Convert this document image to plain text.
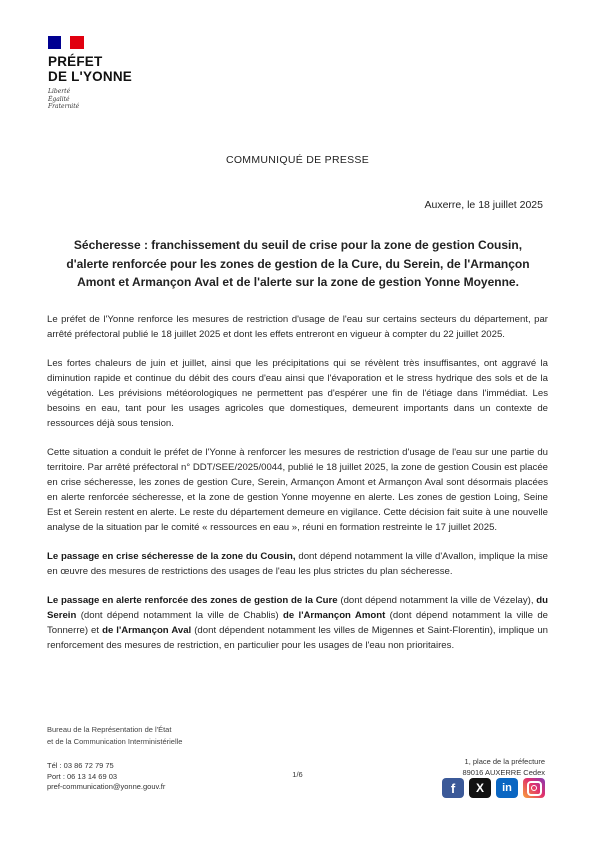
PRÉFET
DE L'YONNE
Liberté
Égalité
Fraternité
COMMUNIQUÉ DE PRESSE
Auxerre, le 18 juillet 2025
Sécheresse : franchissement du seuil de crise pour la zone de gestion Cousin, d'alerte renforcée pour les zones de gestion de la Cure, du Serein, de l'Armançon Amont et Armançon Aval et de l'alerte sur la zone de gestion Yonne Moyenne.

Le préfet de l'Yonne renforce les mesures de restriction d'usage de l'eau sur certains secteurs du département, par arrêté préfectoral publié le 18 juillet 2025 et dont les effets entreront en vigueur à compter du 22 juillet 2025.

Les fortes chaleurs de juin et juillet, ainsi que les précipitations qui se révèlent très insuffisantes, ont aggravé la diminution rapide et continue du débit des cours d'eau ainsi que l'évaporation et le stress hydrique des sols et de la végétation. Les prévisions météorologiques ne permettent pas d'espérer une fin de l'étiage dans l'immédiat. Les besoins en eau, tant pour les usages agricoles que domestiques, demeurent importants dans un contexte de ressources déjà sous tension.

Cette situation a conduit le préfet de l'Yonne à renforcer les mesures de restriction d'usage de l'eau sur une partie du territoire. Par arrêté préfectoral n° DDT/SEE/2025/0044, publié le 18 juillet 2025, la zone de gestion Cousin est placée en crise sécheresse, les zones de gestion Cure, Serein, Armançon Amont et Armançon Aval sont désormais placées en alerte renforcée sécheresse, et la zone de gestion Yonne moyenne en alerte. Les zones de gestion Loing, Seine Est et Serein restent en alerte. Le reste du département demeure en vigilance. Cette décision fait suite à une nouvelle analyse de la situation par le comité « ressources en eau », réuni en formation restreinte le 17 juillet 2025.

Le passage en crise sécheresse de la zone du Cousin, dont dépend notamment la ville d'Avallon, implique la mise en œuvre des mesures de restrictions des usages de l'eau les plus strictes du plan sécheresse.

Le passage en alerte renforcée des zones de gestion de la Cure (dont dépend notamment la ville de Vézelay), du Serein (dont dépend notamment la ville de Chablis) de l'Armançon Amont (dont dépend notamment la ville de Tonnerre) et de l'Armançon Aval (dont dépendent notamment les villes de Migennes et Saint-Florentin), implique un renforcement des mesures de restriction, en particulier pour les usages de l'eau non prioritaires.

Bureau de la Représentation de l'État
et de la Communication Interministérielle
Tél : 03 86 72 79 75
Port : 06 13 14 69 03
pref-communication@yonne.gouv.fr
1/6
1, place de la préfecture
89016 AUXERRE Cedex
f	X	in
